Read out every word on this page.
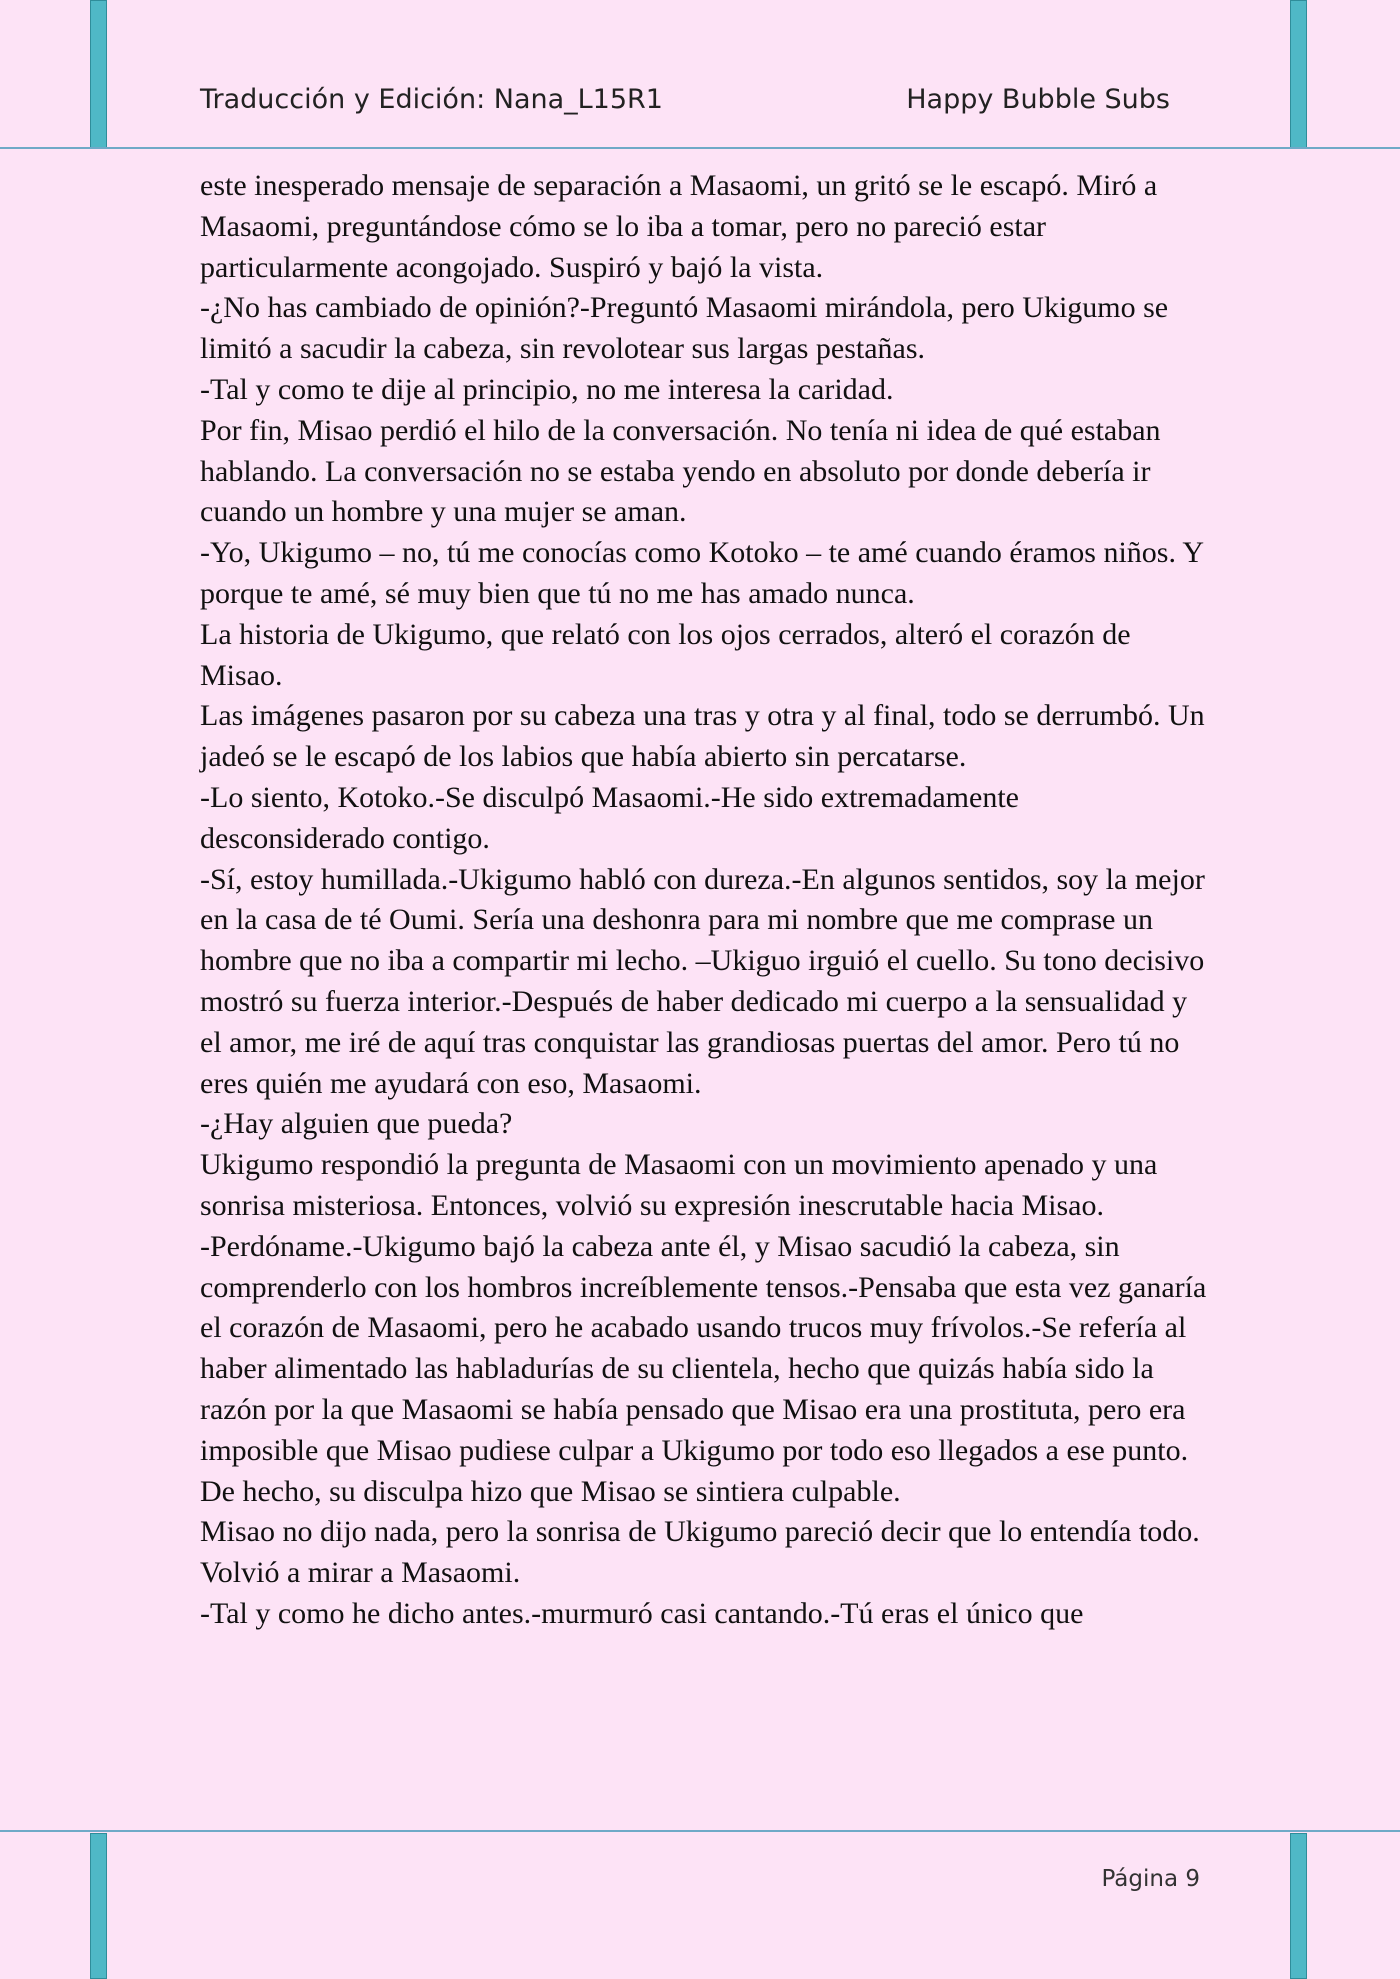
Traducción y Edición: Nana_L15R1	Happy Bubble Subs

este inesperado mensaje de separación a Masaomi, un gritó se le escapó. Miró a Masaomi, preguntándose cómo se lo iba a tomar, pero no pareció estar particularmente acongojado. Suspiró y bajó la vista.

-¿No has cambiado de opinión?-Preguntó Masaomi mirándola, pero Ukigumo se limitó a sacudir la cabeza, sin revolotear sus largas pestañas.

-Tal y como te dije al principio, no me interesa la caridad.

Por fin, Misao perdió el hilo de la conversación. No tenía ni idea de qué estaban hablando. La conversación no se estaba yendo en absoluto por donde debería ir cuando un hombre y una mujer se aman.

-Yo, Ukigumo – no, tú me conocías como Kotoko – te amé cuando éramos niños. Y porque te amé, sé muy bien que tú no me has amado nunca.

La historia de Ukigumo, que relató con los ojos cerrados, alteró el corazón de Misao.

Las imágenes pasaron por su cabeza una tras y otra y al final, todo se derrumbó. Un jadeó se le escapó de los labios que había abierto sin percatarse.

-Lo siento, Kotoko.-Se disculpó Masaomi.-He sido extremadamente desconsiderado contigo.

-Sí, estoy humillada.-Ukigumo habló con dureza.-En algunos sentidos, soy la mejor en la casa de té Oumi. Sería una deshonra para mi nombre que me comprase un hombre que no iba a compartir mi lecho. –Ukiguo irguió el cuello. Su tono decisivo mostró su fuerza interior.-Después de haber dedicado mi cuerpo a la sensualidad y el amor, me iré de aquí tras conquistar las grandiosas puertas del amor. Pero tú no eres quién me ayudará con eso, Masaomi.

-¿Hay alguien que pueda?

Ukigumo respondió la pregunta de Masaomi con un movimiento apenado y una sonrisa misteriosa. Entonces, volvió su expresión inescrutable hacia Misao.

-Perdóname.-Ukigumo bajó la cabeza ante él, y Misao sacudió la cabeza, sin comprenderlo con los hombros increíblemente tensos.-Pensaba que esta vez ganaría el corazón de Masaomi, pero he acabado usando trucos muy frívolos.-Se refería al haber alimentado las habladurías de su clientela, hecho que quizás había sido la razón por la que Masaomi se había pensado que Misao era una prostituta, pero era imposible que Misao pudiese culpar a Ukigumo por todo eso llegados a ese punto. De hecho, su disculpa hizo que Misao se sintiera culpable.

Misao no dijo nada, pero la sonrisa de Ukigumo pareció decir que lo entendía todo. Volvió a mirar a Masaomi.

-Tal y como he dicho antes.-murmuró casi cantando.-Tú eras el único que

Página 9
